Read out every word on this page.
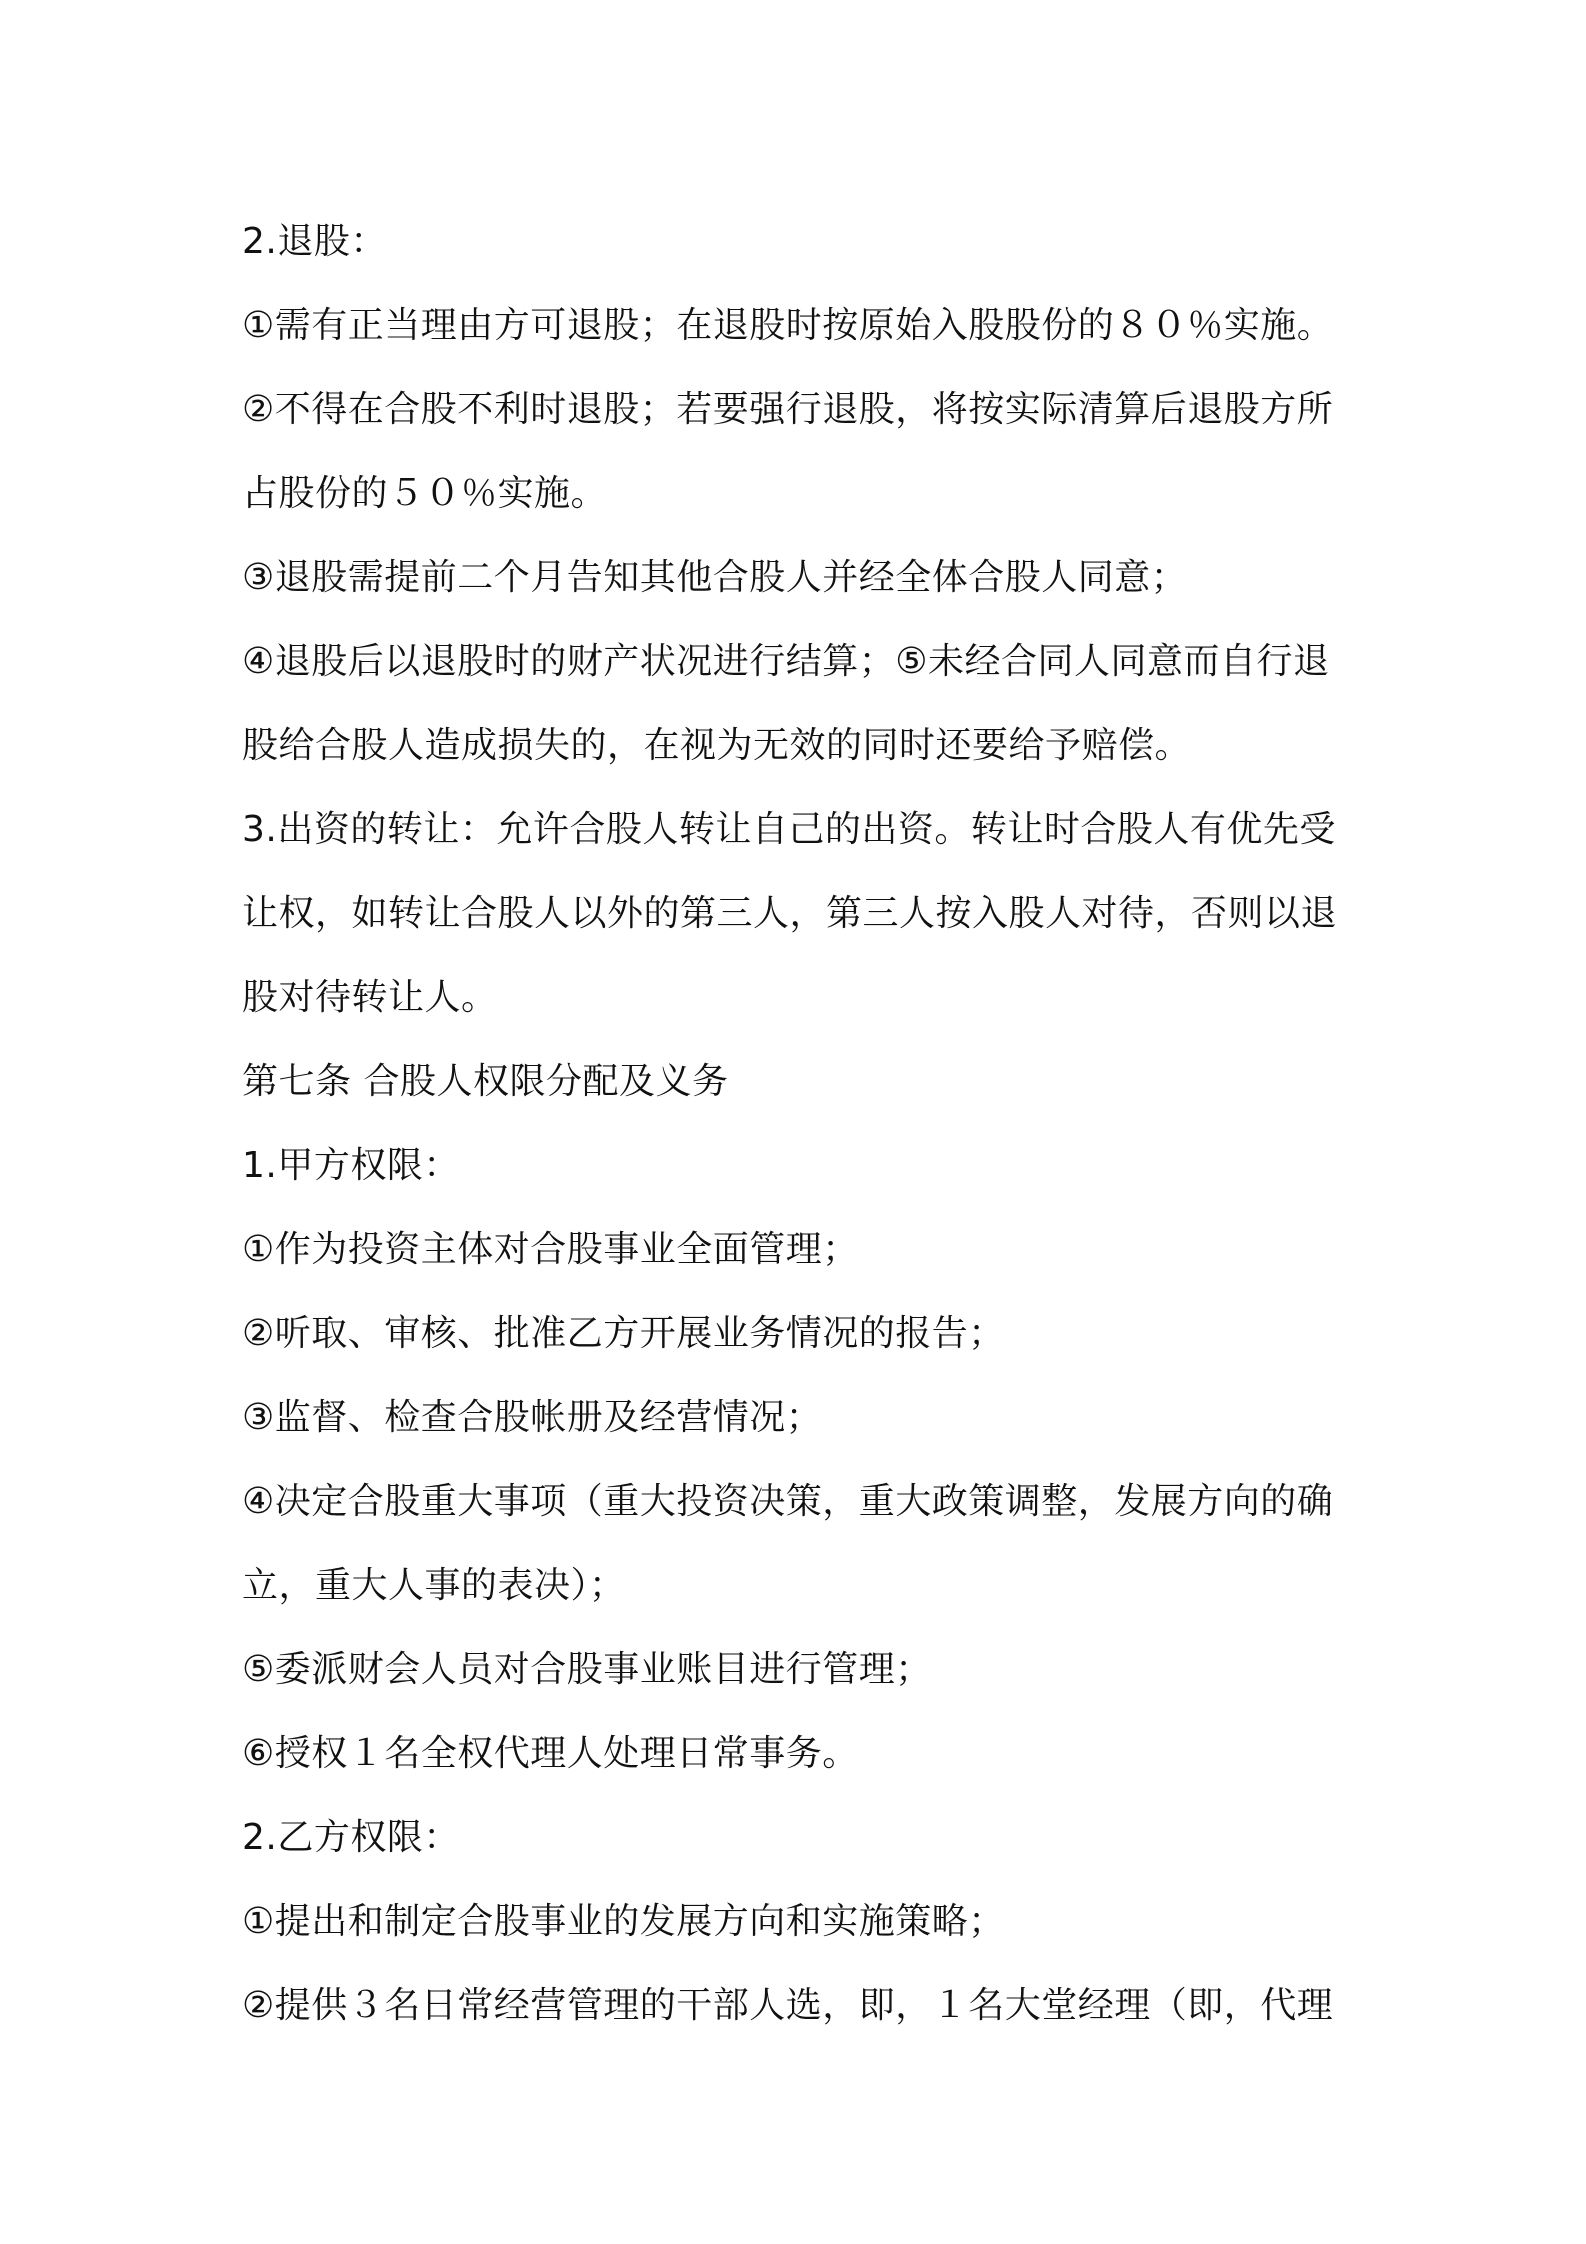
2.退股：

①需有正当理由方可退股；在退股时按原始入股股份的８０％实施。

②不得在合股不利时退股；若要强行退股，将按实际清算后退股方所占股份的５０％实施。

③退股需提前二个月告知其他合股人并经全体合股人同意；

④退股后以退股时的财产状况进行结算；⑤未经合同人同意而自行退股给合股人造成损失的，在视为无效的同时还要给予赔偿。

3.出资的转让：允许合股人转让自己的出资。转让时合股人有优先受让权，如转让合股人以外的第三人，第三人按入股人对待，否则以退股对待转让人。

第七条 合股人权限分配及义务

1.甲方权限：

①作为投资主体对合股事业全面管理；

②听取、审核、批准乙方开展业务情况的报告；

③监督、检查合股帐册及经营情况；

④决定合股重大事项（重大投资决策，重大政策调整，发展方向的确立，重大人事的表决）；

⑤委派财会人员对合股事业账目进行管理；

⑥授权１名全权代理人处理日常事务。

2.乙方权限：

①提出和制定合股事业的发展方向和实施策略；

②提供３名日常经营管理的干部人选，即，１名大堂经理（即，代理
